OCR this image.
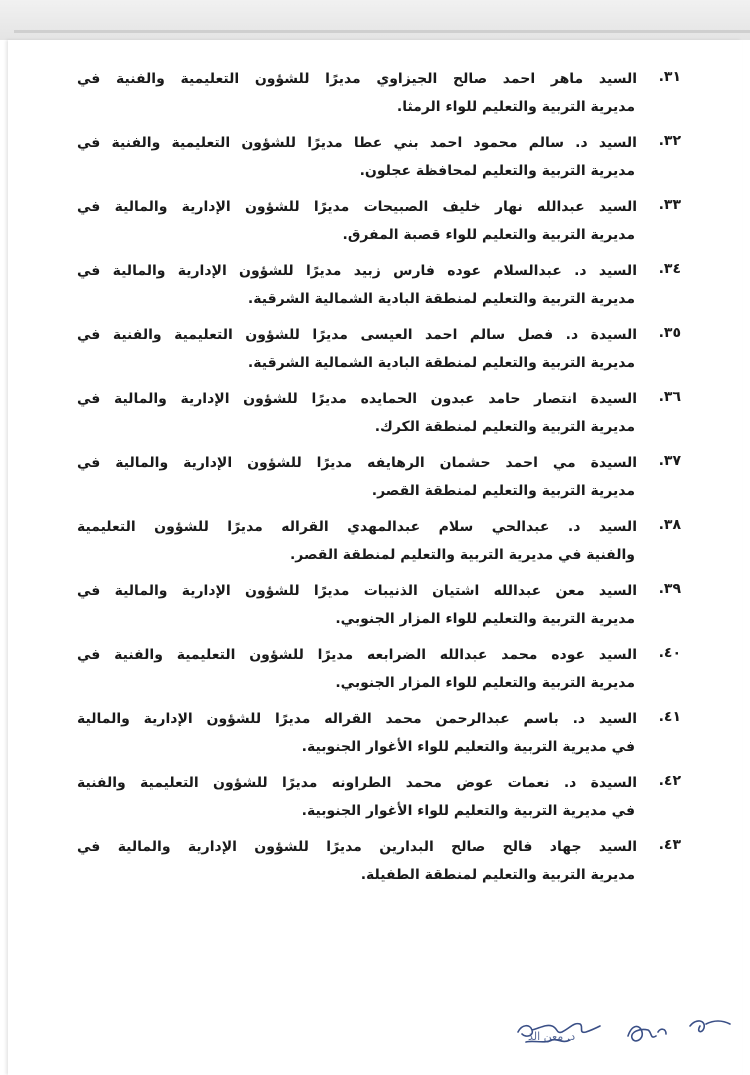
٣١.
السيد ماهر احمد صالح الجيزاوي مديرًا للشؤون التعليمية والفنية في
مديرية التربية والتعليم للواء الرمثا.
٣٢.
السيد د. سالم محمود احمد بني عطا مديرًا للشؤون التعليمية والفنية في
مديرية التربية والتعليم لمحافظة عجلون.
٣٣.
السيد عبدالله نهار خليف الصبيحات مديرًا للشؤون الإدارية والمالية في
مديرية التربية والتعليم للواء قصبة المفرق.
٣٤.
السيد د. عبدالسلام عوده فارس زبيد مديرًا للشؤون الإدارية والمالية في
مديرية التربية والتعليم لمنطقة البادية الشمالية الشرقية.
٣٥.
السيدة د. فصل سالم احمد العيسى مديرًا للشؤون التعليمية والفنية في
مديرية التربية والتعليم لمنطقة البادية الشمالية الشرقية.
٣٦.
السيدة انتصار حامد عبدون الحمايده مديرًا للشؤون الإدارية والمالية في
مديرية التربية والتعليم لمنطقة الكرك.
٣٧.
السيدة مي احمد حشمان الرهايفه مديرًا للشؤون الإدارية والمالية في
مديرية التربية والتعليم لمنطقة القصر.
٣٨.
السيد د. عبدالحي سلام عبدالمهدي القراله مديرًا للشؤون التعليمية
والفنية في مديرية التربية والتعليم لمنطقة القصر.
٣٩.
السيد معن عبدالله اشتيان الذنيبات مديرًا للشؤون الإدارية والمالية في
مديرية التربية والتعليم للواء المزار الجنوبي.
٤٠.
السيد عوده محمد عبدالله الضرابعه مديرًا للشؤون التعليمية والفنية في
مديرية التربية والتعليم للواء المزار الجنوبي.
٤١.
السيد د. باسم عبدالرحمن محمد القراله مديرًا للشؤون الإدارية والمالية
في مديرية التربية والتعليم للواء الأغوار الجنوبية.
٤٢.
السيدة د. نعمات عوض محمد الطراونه مديرًا للشؤون التعليمية والفنية
في مديرية التربية والتعليم للواء الأغوار الجنوبية.
٤٣.
السيد جهاد فالح صالح البدارين مديرًا للشؤون الإدارية والمالية في
مديرية التربية والتعليم لمنطقة الطفيلة.
د. معن الذ
